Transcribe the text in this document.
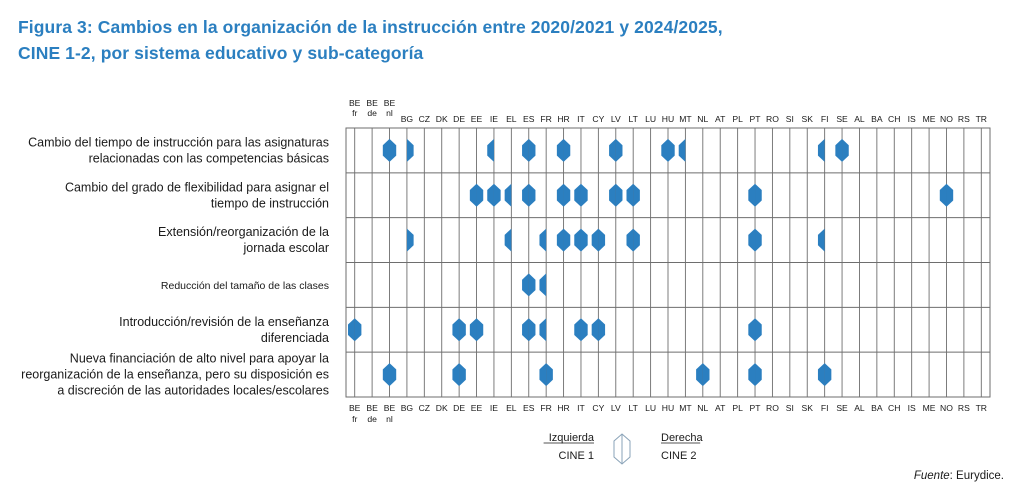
Figura 3: Cambios en la organización de la instrucción entre 2020/2021 y 2024/2025,
CINE 1-2, por sistema educativo y sub-categoría
BE
BE
fr
fr
BE
BE
de
de
BE
BE
nl
nl
BG
BG
CZ
CZ
DK
DK
DE
DE
EE
EE
IE
IE
EL
EL
ES
ES
FR
FR
HR
HR
IT
IT
CY
CY
LV
LV
LT
LT
LU
LU
HU
HU
MT
MT
NL
NL
AT
AT
PL
PL
PT
PT
RO
RO
SI
SI
SK
SK
FI
FI
SE
SE
AL
AL
BA
BA
CH
CH
IS
IS
ME
ME
NO
NO
RS
RS
TR
TR
Cambio del tiempo de instrucción para las asignaturas
relacionadas con las competencias básicas
Cambio del grado de flexibilidad para asignar el
tiempo de instrucción
Extensión/reorganización de la
jornada escolar
Reducción del tamaño de las clases
Introducción/revisión de la enseñanza
diferenciada
Nueva financiación de alto nivel para apoyar la
reorganización de la enseñanza, pero su disposición es
a discreción de las autoridades locales/escolares
Izquierda
CINE 1
Derecha
CINE 2
Fuente: Eurydice.
